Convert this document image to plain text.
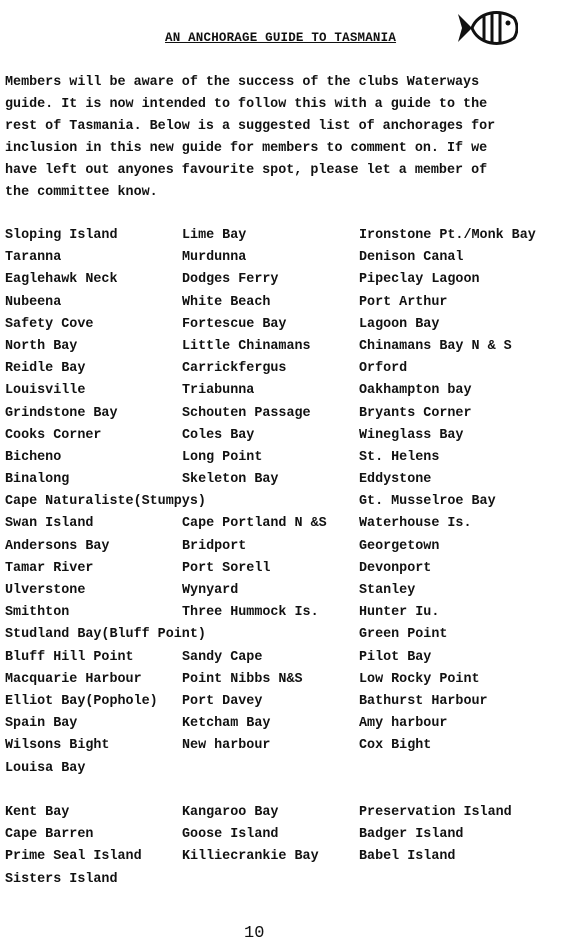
AN ANCHORAGE GUIDE TO TASMANIA

Members will be aware of the success of the clubs Waterways

guide. It is now intended to follow this with a guide to the

rest of Tasmania. Below is a suggested list of anchorages for

inclusion in this new guide for members to comment on. If we

have left out anyones favourite spot, please let a member of

the committee know.

Sloping Island
Taranna
Eaglehawk Neck
Nubeena
Safety Cove
North Bay
Reidle Bay
Louisville
Grindstone Bay
Cooks Corner
Bicheno
Binalong
Cape Naturaliste(Stumpys)
Swan Island
Andersons Bay
Tamar River
Ulverstone
Smithton
Studland Bay(Bluff Point)
Bluff Hill Point
Macquarie Harbour
Elliot Bay(Pophole)
Spain Bay
Wilsons Bight
Louisa Bay
Lime Bay
Murdunna
Dodges Ferry
White Beach
Fortescue Bay
Little Chinamans
Carrickfergus
Triabunna
Schouten Passage
Coles Bay
Long Point
Skeleton Bay
Cape Portland N &S
Bridport
Port Sorell
Wynyard
Three Hummock Is.
Sandy Cape
Point Nibbs N&S
Port Davey
Ketcham Bay
New harbour
Ironstone Pt./Monk Bay
Denison Canal
Pipeclay Lagoon
Port Arthur
Lagoon Bay
Chinamans Bay N & S
Orford
Oakhampton bay
Bryants Corner
Wineglass Bay
St. Helens
Eddystone
Gt. Musselroe Bay
Waterhouse Is.
Georgetown
Devonport
Stanley
Hunter Iu.
Green Point
Pilot Bay
Low Rocky Point
Bathurst Harbour
Amy harbour
Cox Bight
Kent Bay
Cape Barren
Prime Seal Island
Sisters Island
Kangaroo Bay
Goose Island
Killiecrankie Bay
Preservation Island
Badger Island
Babel Island
10
